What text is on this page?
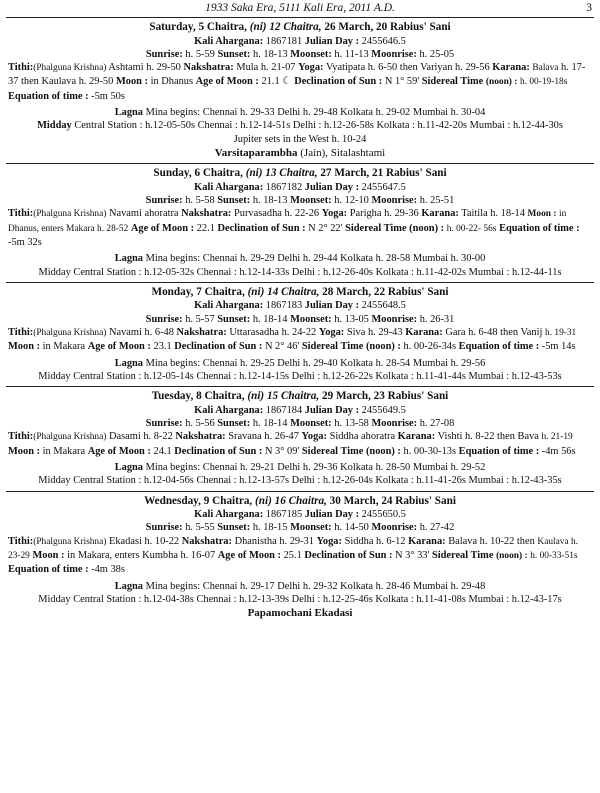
1933 Saka Era, 5111 Kali Era, 2011 A.D.	3
Saturday, 5 Chaitra, (ni) 12 Chaitra, 26 March, 20 Rabius' Sani
Kali Ahargana: 1867181 Julian Day : 2455646.5
Sunrise: h. 5-59 Sunset: h. 18-13 Moonset: h. 11-13 Moonrise: h. 25-05
Tithi:(Phalguna Krishna) Ashtami h. 29-50 Nakshatra: Mula h. 21-07 Yoga: Vyatipata h. 6-50 then Variyan h. 29-56 Karana: Balava h. 17-37 then Kaulava h. 29-50 Moon : in Dhanus Age of Moon : 21.1 ☾ Declination of Sun : N 1° 59' Sidereal Time (noon) : h. 00-19-18s Equation of time : -5m 50s
Lagna Mina begins: Chennai h. 29-33 Delhi h. 29-48 Kolkata h. 29-02 Mumbai h. 30-04
Midday Central Station : h.12-05-50s Chennai : h.12-14-51s Delhi : h.12-26-58s Kolkata : h.11-42-20s Mumbai : h.12-44-30s
Jupiter sets in the West h. 10-24
Varsitaparambha (Jain), Sitalashtami
Sunday, 6 Chaitra, (ni) 13 Chaitra, 27 March, 21 Rabius' Sani
Kali Ahargana: 1867182 Julian Day : 2455647.5
Sunrise: h. 5-58 Sunset: h. 18-13 Moonset: h. 12-10 Moonrise: h. 25-51
Tithi:(Phalguna Krishna) Navami ahoratra Nakshatra: Purvasadha h. 22-26 Yoga: Parigha h. 29-36 Karana: Taitila h. 18-14 Moon : in Dhanus, enters Makara h. 28-52 Age of Moon : 22.1 Declination of Sun : N 2° 22' Sidereal Time (noon) : h. 00-22- 56s Equation of time : -5m 32s
Lagna Mina begins: Chennai h. 29-29 Delhi h. 29-44 Kolkata h. 28-58 Mumbai h. 30-00
Midday Central Station : h.12-05-32s Chennai : h.12-14-33s Delhi : h.12-26-40s Kolkata : h.11-42-02s Mumbai : h.12-44-11s
Monday, 7 Chaitra, (ni) 14 Chaitra, 28 March, 22 Rabius' Sani
Kali Ahargana: 1867183 Julian Day : 2455648.5
Sunrise: h. 5-57 Sunset: h. 18-14 Moonset: h. 13-05 Moonrise: h. 26-31
Tithi:(Phalguna Krishna) Navami h. 6-48 Nakshatra: Uttarasadha h. 24-22 Yoga: Siva h. 29-43 Karana: Gara h. 6-48 then Vanij h. 19-31 Moon : in Makara Age of Moon : 23.1 Declination of Sun : N 2° 46' Sidereal Time (noon) : h. 00-26-34s Equation of time : -5m 14s
Lagna Mina begins: Chennai h. 29-25 Delhi h. 29-40 Kolkata h. 28-54 Mumbai h. 29-56
Midday Central Station : h.12-05-14s Chennai : h.12-14-15s Delhi : h.12-26-22s Kolkata : h.11-41-44s Mumbai : h.12-43-53s
Tuesday, 8 Chaitra, (ni) 15 Chaitra, 29 March, 23 Rabius' Sani
Kali Ahargana: 1867184 Julian Day : 2455649.5
Sunrise: h. 5-56 Sunset: h. 18-14 Moonset: h. 13-58 Moonrise: h. 27-08
Tithi:(Phalguna Krishna) Dasami h. 8-22 Nakshatra: Sravana h. 26-47 Yoga: Siddha ahoratra Karana: Vishti h. 8-22 then Bava h. 21-19 Moon : in Makara Age of Moon : 24.1 Declination of Sun : N 3° 09' Sidereal Time (noon) : h. 00-30-13s Equation of time : -4m 56s
Lagna Mina begins: Chennai h. 29-21 Delhi h. 29-36 Kolkata h. 28-50 Mumbai h. 29-52
Midday Central Station : h.12-04-56s Chennai : h.12-13-57s Delhi : h.12-26-04s Kolkata : h.11-41-26s Mumbai : h.12-43-35s
Wednesday, 9 Chaitra, (ni) 16 Chaitra, 30 March, 24 Rabius' Sani
Kali Ahargana: 1867185 Julian Day : 2455650.5
Sunrise: h. 5-55 Sunset: h. 18-15 Moonset: h. 14-50 Moonrise: h. 27-42
Tithi:(Phalguna Krishna) Ekadasi h. 10-22 Nakshatra: Dhanistha h. 29-31 Yoga: Siddha h. 6-12 Karana: Balava h. 10-22 then Kaulava h. 23-29 Moon : in Makara, enters Kumbha h. 16-07 Age of Moon : 25.1 Declination of Sun : N 3° 33' Sidereal Time (noon) : h. 00-33-51s Equation of time : -4m 38s
Lagna Mina begins: Chennai h. 29-17 Delhi h. 29-32 Kolkata h. 28-46 Mumbai h. 29-48
Midday Central Station : h.12-04-38s Chennai : h.12-13-39s Delhi : h.12-25-46s Kolkata : h.11-41-08s Mumbai : h.12-43-17s
Papamochani Ekadasi
